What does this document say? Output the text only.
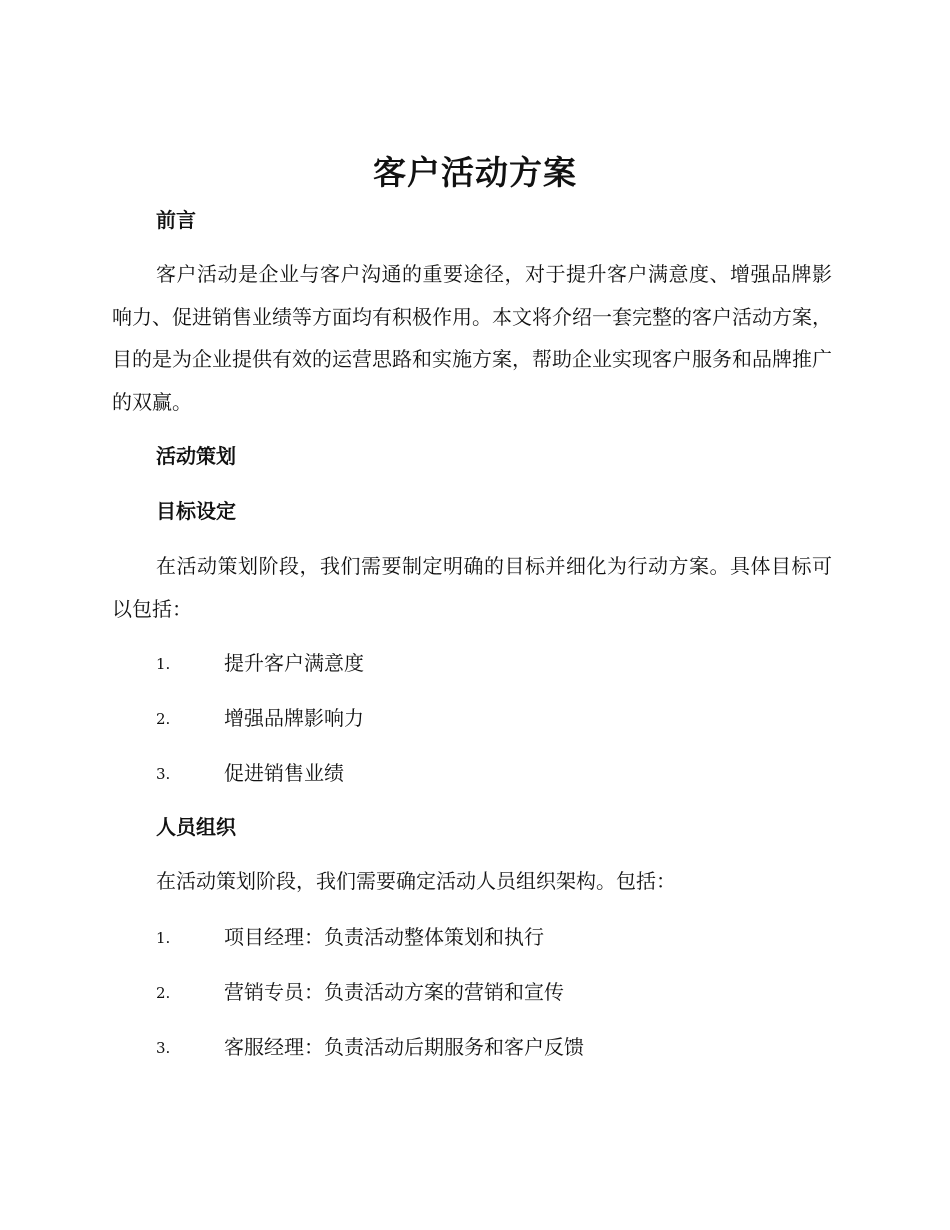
客户活动方案
前言

客户活动是企业与客户沟通的重要途径，对于提升客户满意度、增强品牌影响力、促进销售业绩等方面均有积极作用。本文将介绍一套完整的客户活动方案，目的是为企业提供有效的运营思路和实施方案，帮助企业实现客户服务和品牌推广的双赢。

活动策划
目标设定

在活动策划阶段，我们需要制定明确的目标并细化为行动方案。具体目标可以包括：

1.	提升客户满意度
2.	增强品牌影响力
3.	促进销售业绩
人员组织

在活动策划阶段，我们需要确定活动人员组织架构。包括：

1.	项目经理：负责活动整体策划和执行
2.	营销专员：负责活动方案的营销和宣传
3.	客服经理：负责活动后期服务和客户反馈
